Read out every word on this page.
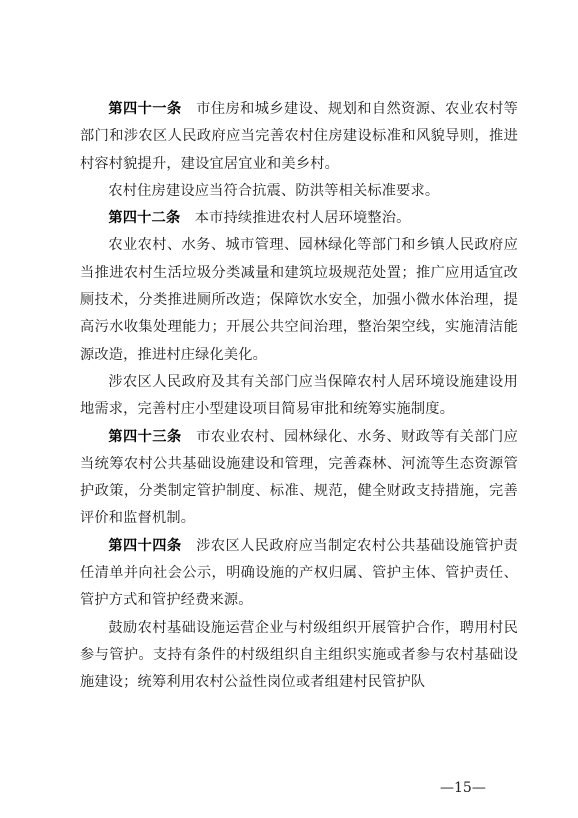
第四十一条　市住房和城乡建设、规划和自然资源、农业农村等部门和涉农区人民政府应当完善农村住房建设标准和风貌导则，推进村容村貌提升，建设宜居宜业和美乡村。

农村住房建设应当符合抗震、防洪等相关标准要求。

第四十二条　本市持续推进农村人居环境整治。

农业农村、水务、城市管理、园林绿化等部门和乡镇人民政府应当推进农村生活垃圾分类减量和建筑垃圾规范处置；推广应用适宜改厕技术，分类推进厕所改造；保障饮水安全，加强小微水体治理，提高污水收集处理能力；开展公共空间治理，整治架空线，实施清洁能源改造，推进村庄绿化美化。

涉农区人民政府及其有关部门应当保障农村人居环境设施建设用地需求，完善村庄小型建设项目简易审批和统筹实施制度。

第四十三条　市农业农村、园林绿化、水务、财政等有关部门应当统筹农村公共基础设施建设和管理，完善森林、河流等生态资源管护政策，分类制定管护制度、标准、规范，健全财政支持措施，完善评价和监督机制。

第四十四条　涉农区人民政府应当制定农村公共基础设施管护责任清单并向社会公示，明确设施的产权归属、管护主体、管护责任、管护方式和管护经费来源。

鼓励农村基础设施运营企业与村级组织开展管护合作，聘用村民参与管护。支持有条件的村级组织自主组织实施或者参与农村基础设施建设；统筹利用农村公益性岗位或者组建村民管护队

—15—
